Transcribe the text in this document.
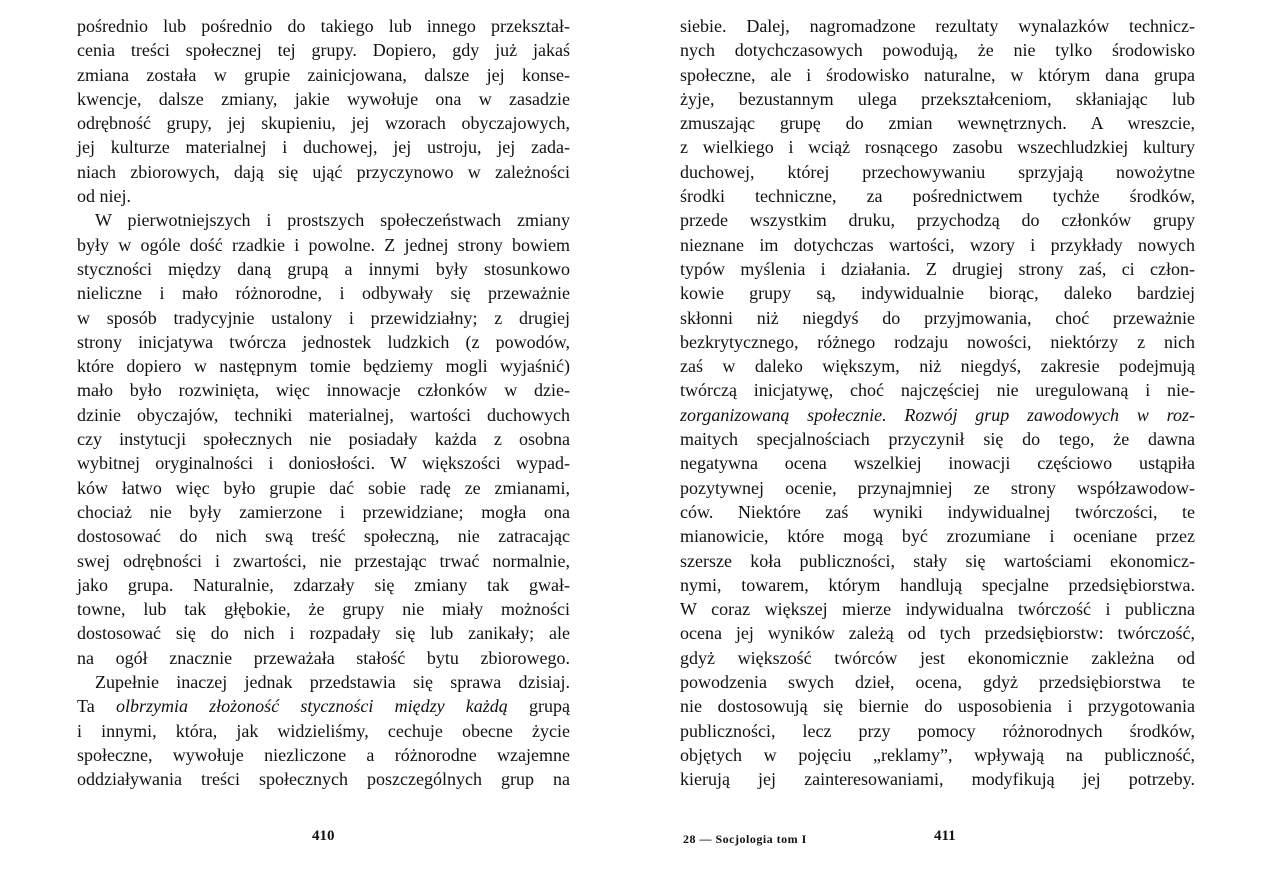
pośrednio lub pośrednio do takiego lub innego przekształ-
cenia treści społecznej tej grupy. Dopiero, gdy już jakaś
zmiana została w grupie zainicjowana, dalsze jej konse-
kwencje, dalsze zmiany, jakie wywołuje ona w zasadzie
odrębność grupy, jej skupieniu, jej wzorach obyczajowych,
jej kulturze materialnej i duchowej, jej ustroju, jej zada-
niach zbiorowych, dają się ująć przyczynowo w zależności
od niej.
W pierwotniejszych i prostszych społeczeństwach zmiany
były w ogóle dość rzadkie i powolne. Z jednej strony bowiem
styczności między daną grupą a innymi były stosunkowo
nieliczne i mało różnorodne, i odbywały się przeważnie
w sposób tradycyjnie ustalony i przewidziałny; z drugiej
strony inicjatywa twórcza jednostek ludzkich (z powodów,
które dopiero w następnym tomie będziemy mogli wyjaśnić)
mało było rozwinięta, więc innowacje członków w dzie-
dzinie obyczajów, techniki materialnej, wartości duchowych
czy instytucji społecznych nie posiadały każda z osobna
wybitnej oryginalności i doniosłości. W większości wypad-
ków łatwo więc było grupie dać sobie radę ze zmianami,
chociaż nie były zamierzone i przewidziane; mogła ona
dostosować do nich swą treść społeczną, nie zatracając
swej odrębności i zwartości, nie przestając trwać normalnie,
jako grupa. Naturalnie, zdarzały się zmiany tak gwał-
towne, lub tak głębokie, że grupy nie miały możności
dostosować się do nich i rozpadały się lub zanikały; ale
na ogół znacznie przeważała stałość bytu zbiorowego.
Zupełnie inaczej jednak przedstawia się sprawa dzisiaj.
Ta olbrzymia złożoność styczności między każdą grupą
i innymi, która, jak widzieliśmy, cechuje obecne życie
społeczne, wywołuje niezliczone a różnorodne wzajemne
oddziaływania treści społecznych poszczególnych grup na
siebie. Dalej, nagromadzone rezultaty wynalazków technicz-
nych dotychczasowych powodują, że nie tylko środowisko
społeczne, ale i środowisko naturalne, w którym dana grupa
żyje, bezustannym ulega przekształceniom, skłaniając lub
zmuszając grupę do zmian wewnętrznych. A wreszcie,
z wielkiego i wciąż rosnącego zasobu wszechludzkiej kultury
duchowej, której przechowywaniu sprzyjają nowożytne
środki techniczne, za pośrednictwem tychże środków,
przede wszystkim druku, przychodzą do członków grupy
nieznane im dotychczas wartości, wzory i przykłady nowych
typów myślenia i działania. Z drugiej strony zaś, ci człon-
kowie grupy są, indywidualnie biorąc, daleko bardziej
skłonni niż niegdyś do przyjmowania, choć przeważnie
bezkrytycznego, różnego rodzaju nowości, niektórzy z nich
zaś w daleko większym, niż niegdyś, zakresie podejmują
twórczą inicjatywę, choć najczęściej nie uregulowaną i nie-
zorganizowaną społecznie. Rozwój grup zawodowych w roz-
maitych specjalnościach przyczynił się do tego, że dawna
negatywna ocena wszelkiej inowacji częściowo ustąpiła
pozytywnej ocenie, przynajmniej ze strony współzawodow-
ców. Niektóre zaś wyniki indywidualnej twórczości, te
mianowicie, które mogą być zrozumiane i oceniane przez
szersze koła publiczności, stały się wartościami ekonomicz-
nymi, towarem, którym handlują specjalne przedsiębiorstwa.
W coraz większej mierze indywidualna twórczość i publiczna
ocena jej wyników zależą od tych przedsiębiorstw: twórczość,
gdyż większość twórców jest ekonomicznie zakleżna od
powodzenia swych dzieł, ocena, gdyż przedsiębiorstwa te
nie dostosowują się biernie do usposobienia i przygotowania
publiczności, lecz przy pomocy różnorodnych środków,
objętych w pojęciu „reklamy”, wpływają na publiczność,
kierują jej zainteresowaniami, modyfikują jej potrzeby.
410	28 — Socjologia tom I	411
